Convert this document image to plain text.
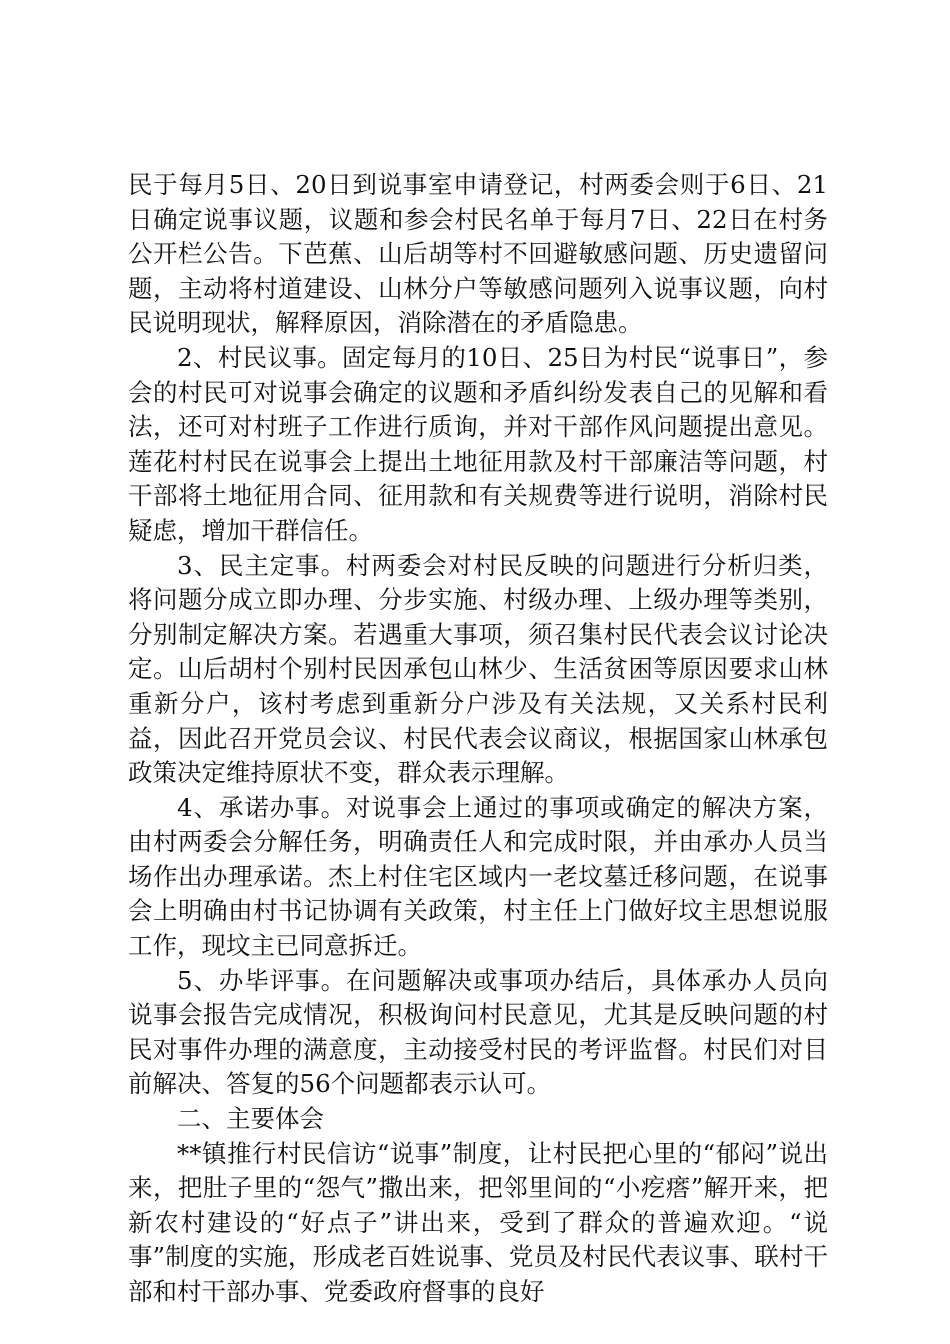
民于每月5日、20日到说事室申请登记，村两委会则于6日、21日确定说事议题，议题和参会村民名单于每月7日、22日在村务公开栏公告。下芭蕉、山后胡等村不回避敏感问题、历史遗留问题，主动将村道建设、山林分户等敏感问题列入说事议题，向村民说明现状，解释原因，消除潜在的矛盾隐患。

2、村民议事。固定每月的10日、25日为村民“说事日”，参会的村民可对说事会确定的议题和矛盾纠纷发表自己的见解和看法，还可对村班子工作进行质询，并对干部作风问题提出意见。莲花村村民在说事会上提出土地征用款及村干部廉洁等问题，村干部将土地征用合同、征用款和有关规费等进行说明，消除村民疑虑，增加干群信任。

3、民主定事。村两委会对村民反映的问题进行分析归类，将问题分成立即办理、分步实施、村级办理、上级办理等类别，分别制定解决方案。若遇重大事项，须召集村民代表会议讨论决定。山后胡村个别村民因承包山林少、生活贫困等原因要求山林重新分户，该村考虑到重新分户涉及有关法规，又关系村民利益，因此召开党员会议、村民代表会议商议，根据国家山林承包政策决定维持原状不变，群众表示理解。

4、承诺办事。对说事会上通过的事项或确定的解决方案，由村两委会分解任务，明确责任人和完成时限，并由承办人员当场作出办理承诺。杰上村住宅区域内一老坟墓迁移问题，在说事会上明确由村书记协调有关政策，村主任上门做好坟主思想说服工作，现坟主已同意拆迁。

5、办毕评事。在问题解决或事项办结后，具体承办人员向说事会报告完成情况，积极询问村民意见，尤其是反映问题的村民对事件办理的满意度，主动接受村民的考评监督。村民们对目前解决、答复的56个问题都表示认可。

二、主要体会

**镇推行村民信访“说事”制度，让村民把心里的“郁闷”说出来，把肚子里的“怨气”撒出来，把邻里间的“小疙瘩”解开来，把新农村建设的“好点子”讲出来，受到了群众的普遍欢迎。“说事”制度的实施，形成老百姓说事、党员及村民代表议事、联村干部和村干部办事、党委政府督事的良好
